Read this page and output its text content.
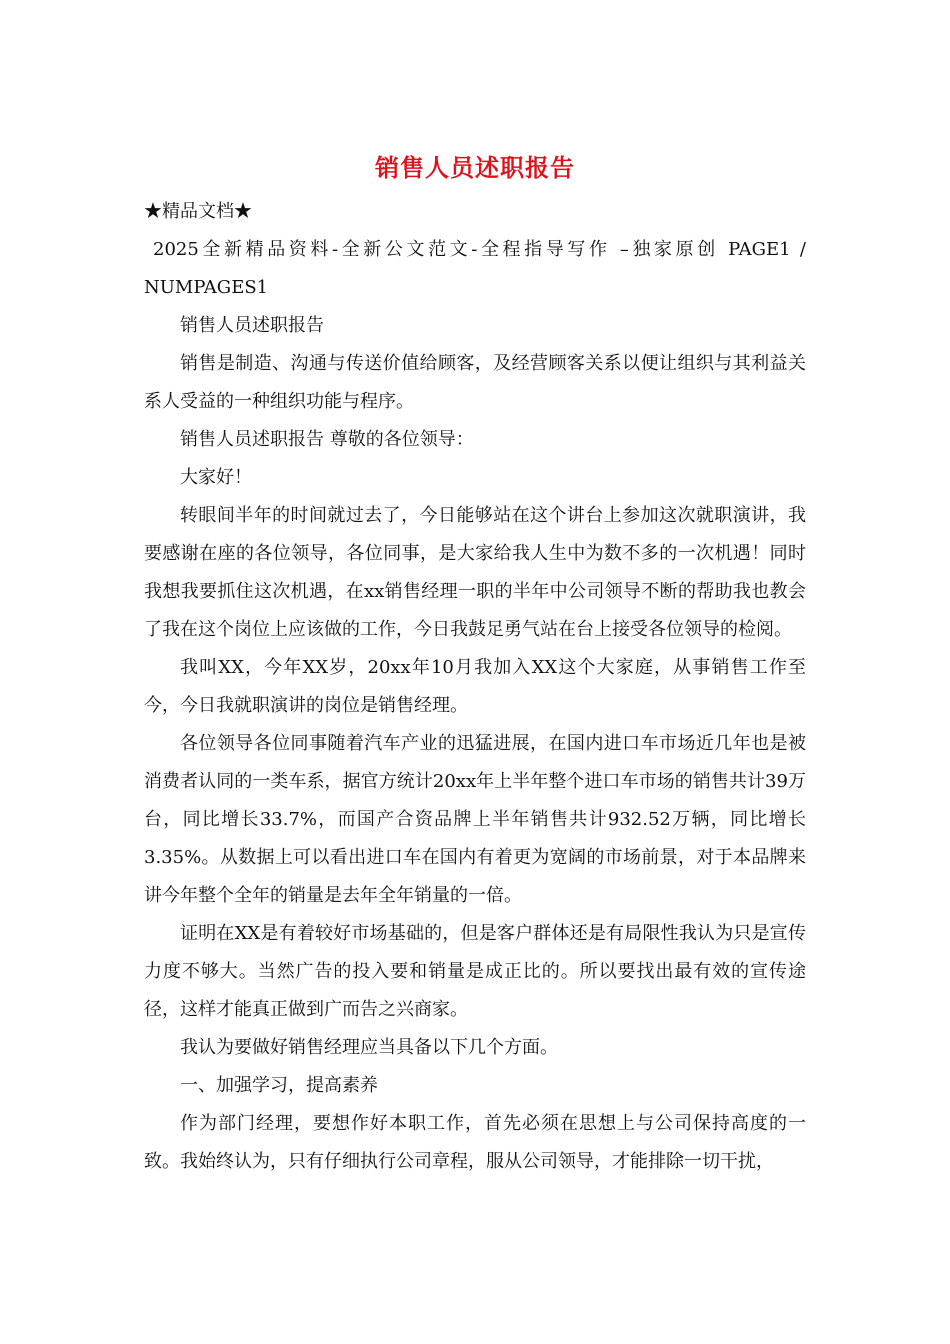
销售人员述职报告

★精品文档★

2025全新精品资料-全新公文范文-全程指导写作 –独家原创 PAGE1 / NUMPAGES1

销售人员述职报告

销售是制造、沟通与传送价值给顾客，及经营顾客关系以便让组织与其利益关系人受益的一种组织功能与程序。

销售人员述职报告 尊敬的各位领导：

大家好！

转眼间半年的时间就过去了，今日能够站在这个讲台上参加这次就职演讲，我要感谢在座的各位领导，各位同事，是大家给我人生中为数不多的一次机遇！同时我想我要抓住这次机遇，在xx销售经理一职的半年中公司领导不断的帮助我也教会了我在这个岗位上应该做的工作，今日我鼓足勇气站在台上接受各位领导的检阅。

我叫XX，今年XX岁，20xx年10月我加入XX这个大家庭，从事销售工作至今，今日我就职演讲的岗位是销售经理。

各位领导各位同事随着汽车产业的迅猛进展，在国内进口车市场近几年也是被消费者认同的一类车系，据官方统计20xx年上半年整个进口车市场的销售共计39万台，同比增长33.7%，而国产合资品牌上半年销售共计932.52万辆，同比增长3.35%。从数据上可以看出进口车在国内有着更为宽阔的市场前景，对于本品牌来讲今年整个全年的销量是去年全年销量的一倍。

证明在XX是有着较好市场基础的，但是客户群体还是有局限性我认为只是宣传力度不够大。当然广告的投入要和销量是成正比的。所以要找出最有效的宣传途径，这样才能真正做到广而告之兴商家。

我认为要做好销售经理应当具备以下几个方面。

一、加强学习，提高素养

作为部门经理，要想作好本职工作，首先必须在思想上与公司保持高度的一致。我始终认为，只有仔细执行公司章程，服从公司领导，才能排除一切干扰，
